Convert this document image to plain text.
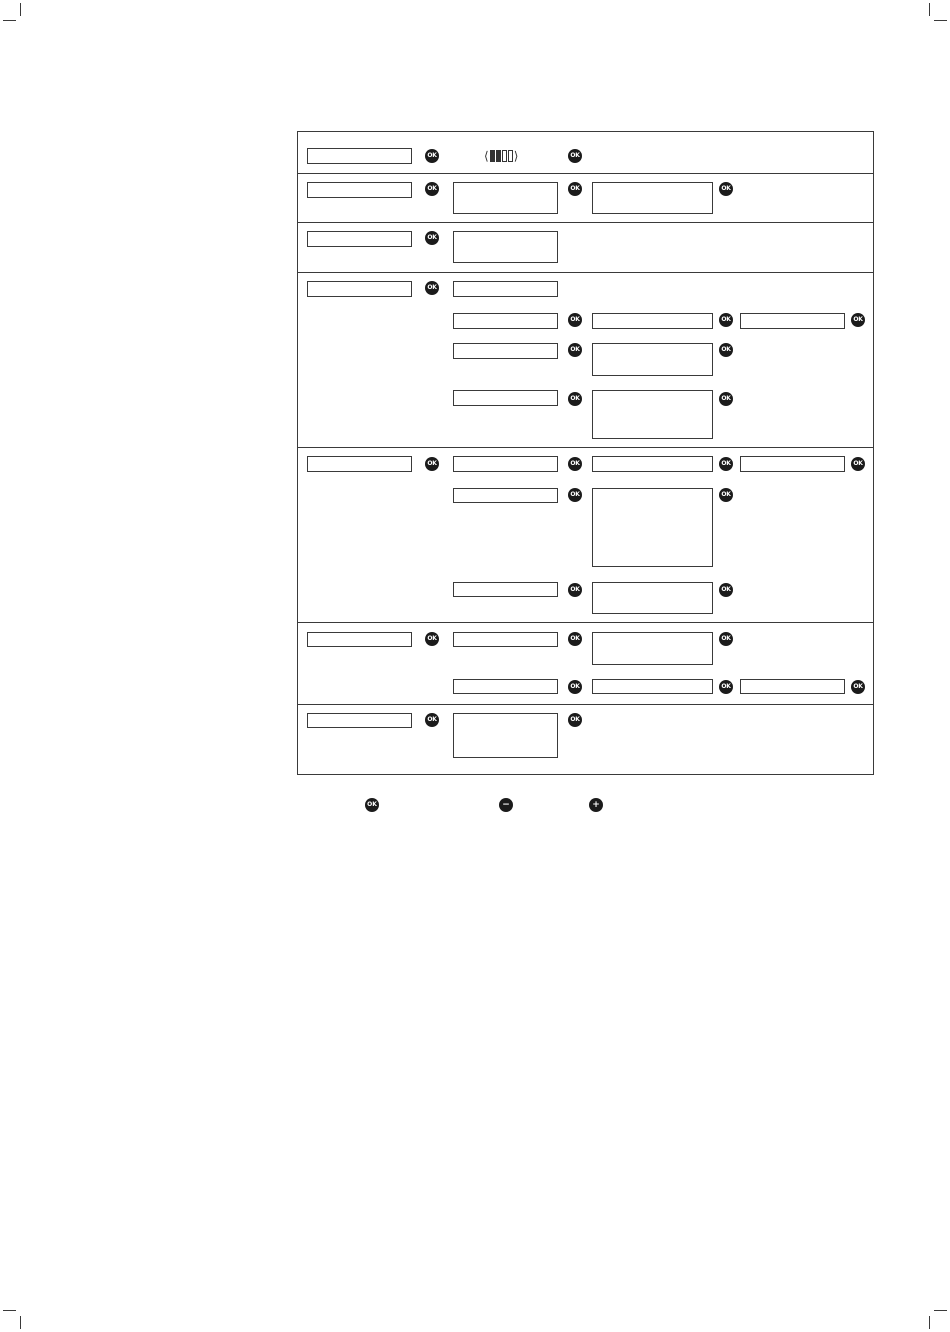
OK	⟨ ⟩	OK
OK	OK	OK
OK
OK
OK	OK	OK
OK	OK
OK	OK
OK	OK	OK	OK
OK	OK
OK	OK
OK	OK	OK
OK	OK	OK
OK	OK
OK	−	+
